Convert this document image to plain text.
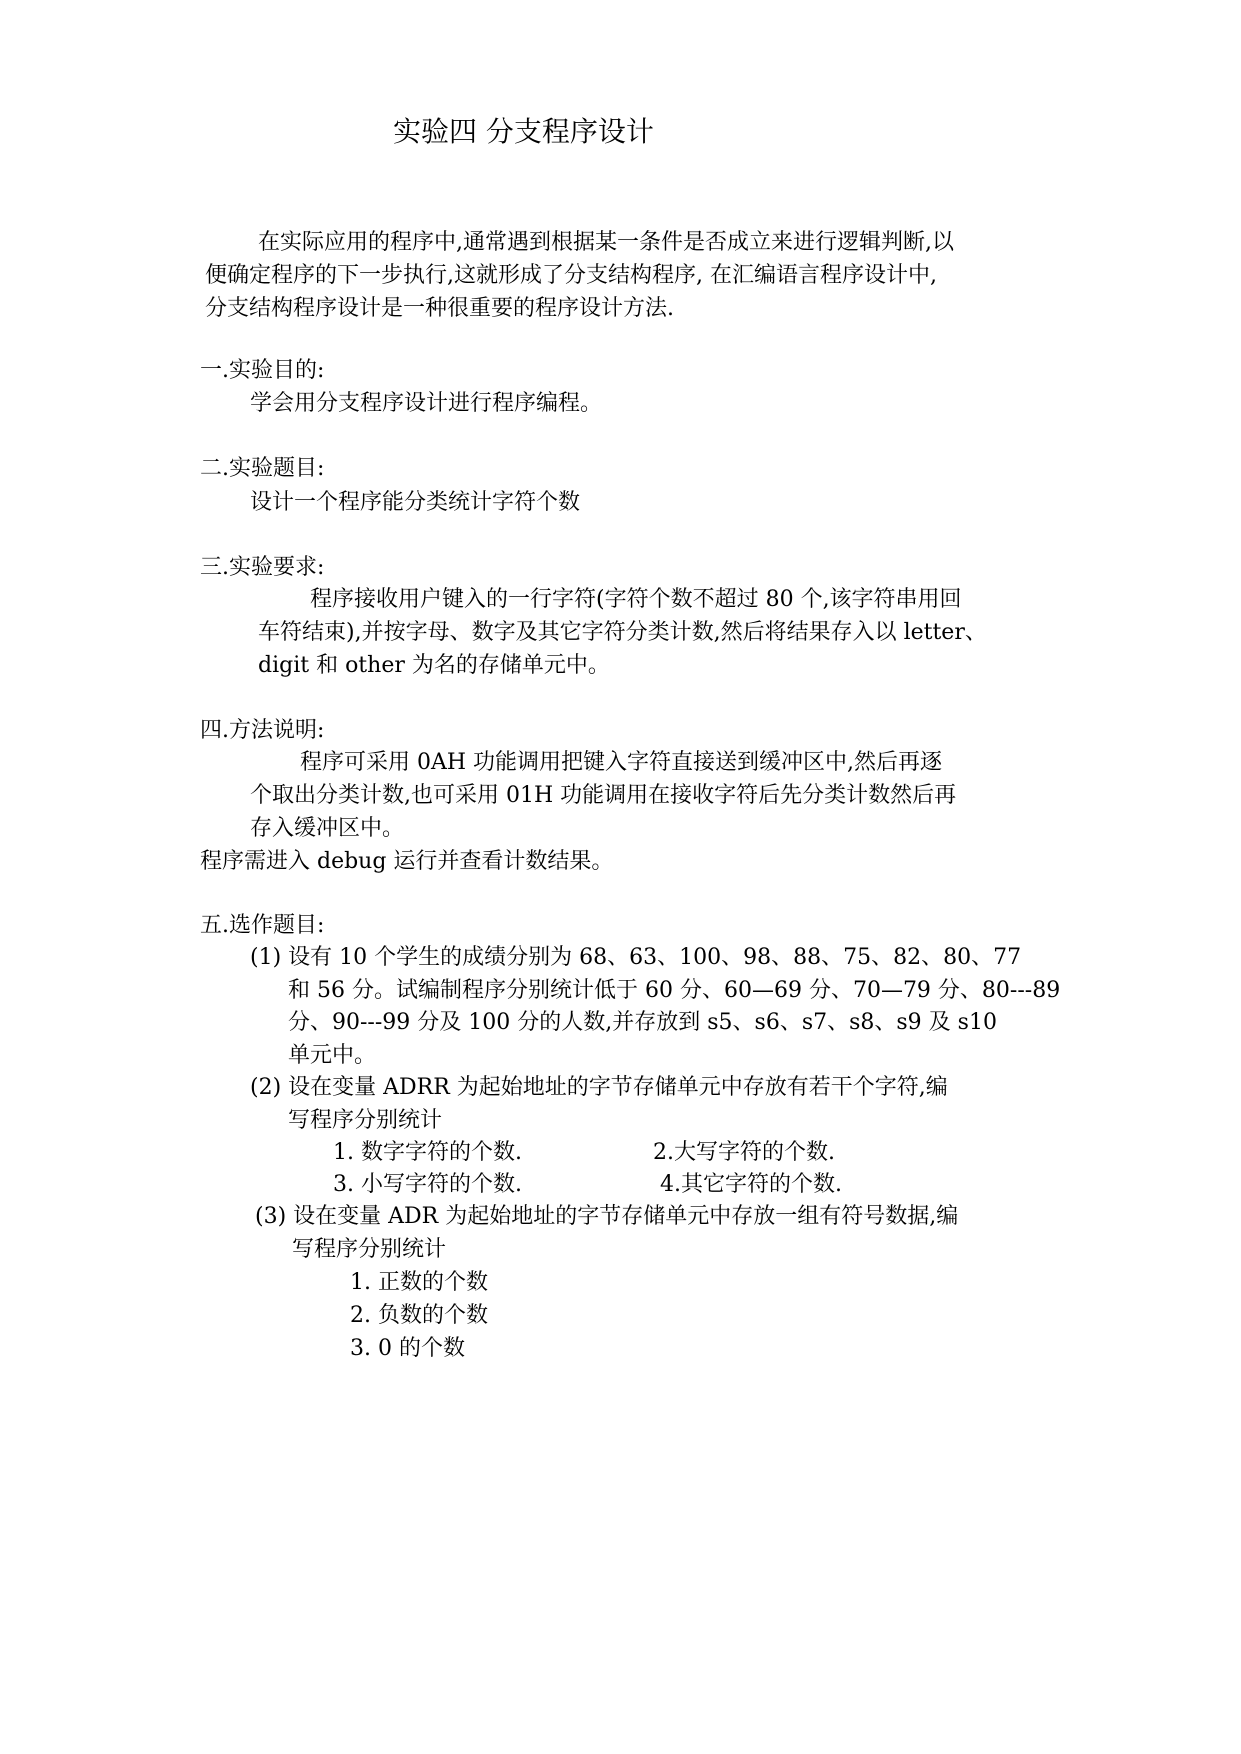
实验四 分支程序设计
在实际应用的程序中,通常遇到根据某一条件是否成立来进行逻辑判断,以
便确定程序的下一步执行,这就形成了分支结构程序, 在汇编语言程序设计中,
分支结构程序设计是一种很重要的程序设计方法.
一.实验目的:
学会用分支程序设计进行程序编程。
二.实验题目:
设计一个程序能分类统计字符个数
三.实验要求:
程序接收用户键入的一行字符(字符个数不超过 80 个,该字符串用回
车符结束),并按字母、数字及其它字符分类计数,然后将结果存入以 letter、
digit 和 other 为名的存储单元中。
四.方法说明:
程序可采用 0AH 功能调用把键入字符直接送到缓冲区中,然后再逐
个取出分类计数,也可采用 01H 功能调用在接收字符后先分类计数然后再
存入缓冲区中。
程序需进入 debug 运行并查看计数结果。
五.选作题目:
(1) 设有 10 个学生的成绩分别为 68、63、100、98、88、75、82、80、77
和 56 分。试编制程序分别统计低于 60 分、60—69 分、70—79 分、80---89
分、90---99 分及 100 分的人数,并存放到 s5、s6、s7、s8、s9 及 s10
单元中。
(2) 设在变量 ADRR 为起始地址的字节存储单元中存放有若干个字符,编
写程序分别统计
1. 数字字符的个数.	2.大写字符的个数.
3. 小写字符的个数.	4.其它字符的个数.
(3) 设在变量 ADR 为起始地址的字节存储单元中存放一组有符号数据,编
写程序分别统计
1. 正数的个数
2. 负数的个数
3. 0 的个数
